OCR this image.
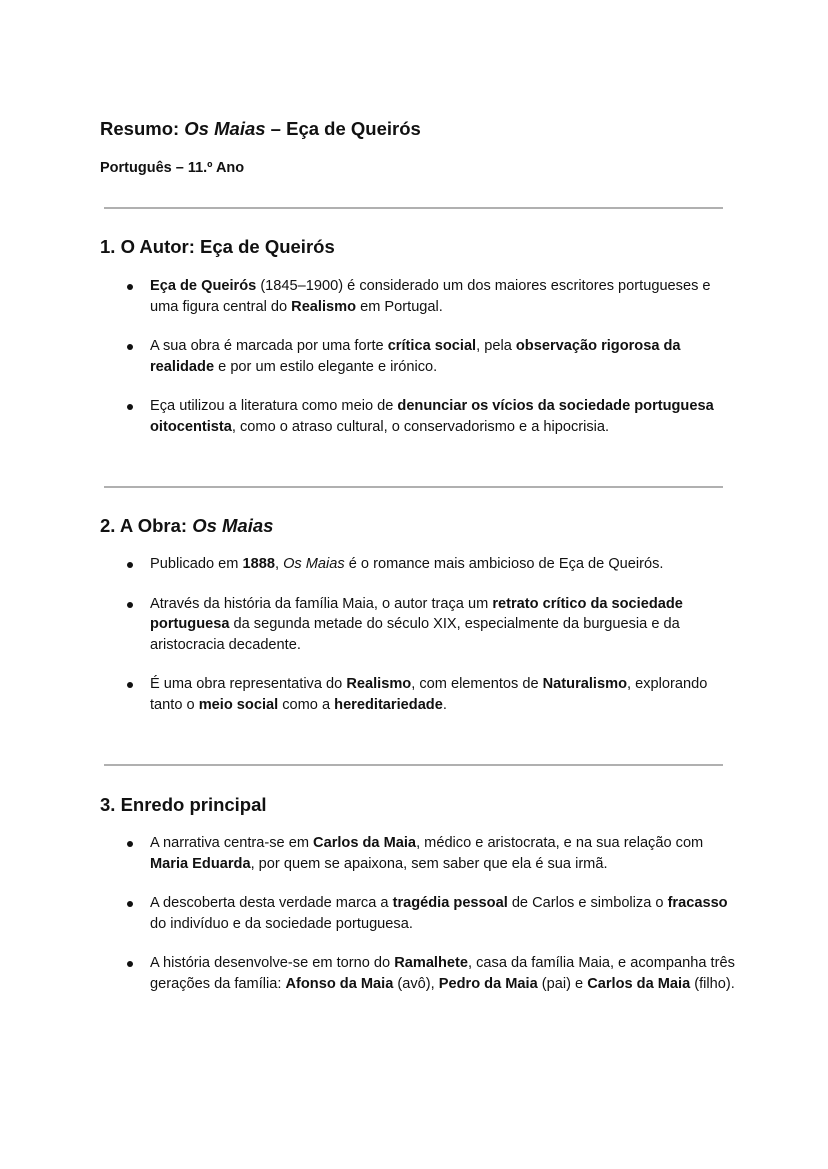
Resumo: Os Maias – Eça de Queirós

Português – 11.º Ano

1. O Autor: Eça de Queirós
Eça de Queirós (1845–1900) é considerado um dos maiores escritores portugueses e uma figura central do Realismo em Portugal.
A sua obra é marcada por uma forte crítica social, pela observação rigorosa da realidade e por um estilo elegante e irónico.
Eça utilizou a literatura como meio de denunciar os vícios da sociedade portuguesa oitocentista, como o atraso cultural, o conservadorismo e a hipocrisia.
2. A Obra: Os Maias
Publicado em 1888, Os Maias é o romance mais ambicioso de Eça de Queirós.
Através da história da família Maia, o autor traça um retrato crítico da sociedade portuguesa da segunda metade do século XIX, especialmente da burguesia e da aristocracia decadente.
É uma obra representativa do Realismo, com elementos de Naturalismo, explorando tanto o meio social como a hereditariedade.
3. Enredo principal
A narrativa centra-se em Carlos da Maia, médico e aristocrata, e na sua relação com Maria Eduarda, por quem se apaixona, sem saber que ela é sua irmã.
A descoberta desta verdade marca a tragédia pessoal de Carlos e simboliza o fracasso do indivíduo e da sociedade portuguesa.
A história desenvolve-se em torno do Ramalhete, casa da família Maia, e acompanha três gerações da família: Afonso da Maia (avô), Pedro da Maia (pai) e Carlos da Maia (filho).
